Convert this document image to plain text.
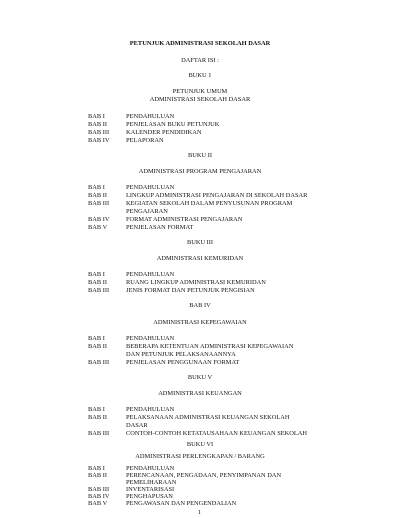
PETUNJUK ADMINISTRASI SEKOLAH DASAR
DAFTAR ISI :
BUKU 1
PETUNJUK UMUM
ADMINISTRASI SEKOLAH DASAR
BAB I	PENDAHULUAN
BAB II	PENJELASAN BUKU PETUNJUK
BAB III	KALENDER PENDIDIKAN
BAB IV	PELAPORAN
BUKU II
ADMINISTRASI PROGRAM PENGAJARAN
BAB I	PENDAHULUAN
BAB II	LINGKUP ADMINISTRASI PENGAJARAN DI SEKOLAH DASAR
BAB III	KEGIATAN SEKOLAH DALAM PENYUSUNAN PROGRAM
PENGAJARAN
BAB IV	FORMAT ADMINISTRASI PENGAJARAN
BAB V	PENJELASAN FORMAT
BUKU III
ADMINISTRASI KEMURIDAN
BAB I	PENDAHULUAN
BAB II	RUANG LINGKUP ADMINISTRASI KEMURIDAN
BAB III	JENIS FORMAT DAN PETUNJUK PENGISIAN
BAB IV
ADMINISTRASI KEPEGAWAIAN
BAB I	PENDAHULUAN
BAB II	BEBERAPA KETENTUAN ADMINISTRASI KEPEGAWAIAN
DAN PETUNJUK PELAKSANAANNYA
BAB III	PENJELASAN PENGGUNAAN FORMAT
BUKU V
ADMINISTRASI KEUANGAN
BAB I	PENDAHULUAN
BAB II	PELAKSANAAN ADMINISTRASI KEUANGAN SEKOLAH
DASAR
BAB III	CONTOH-CONTOH KETATAUSAHAAN KEUANGAN SEKOLAH
BUKU VI
ADMINISTRASI PERLENGKAPAN / BARANG
BAB I	PENDAHULUAN
BAB II	PERENCANAAN, PENGADAAN, PENYIMPANAN DAN
PEMELIHARAAN
BAB III	INVENTARISASI
BAB IV	PENGHAPUSAN
BAB V	PENGAWASAN DAN PENGENDALIAN
1
